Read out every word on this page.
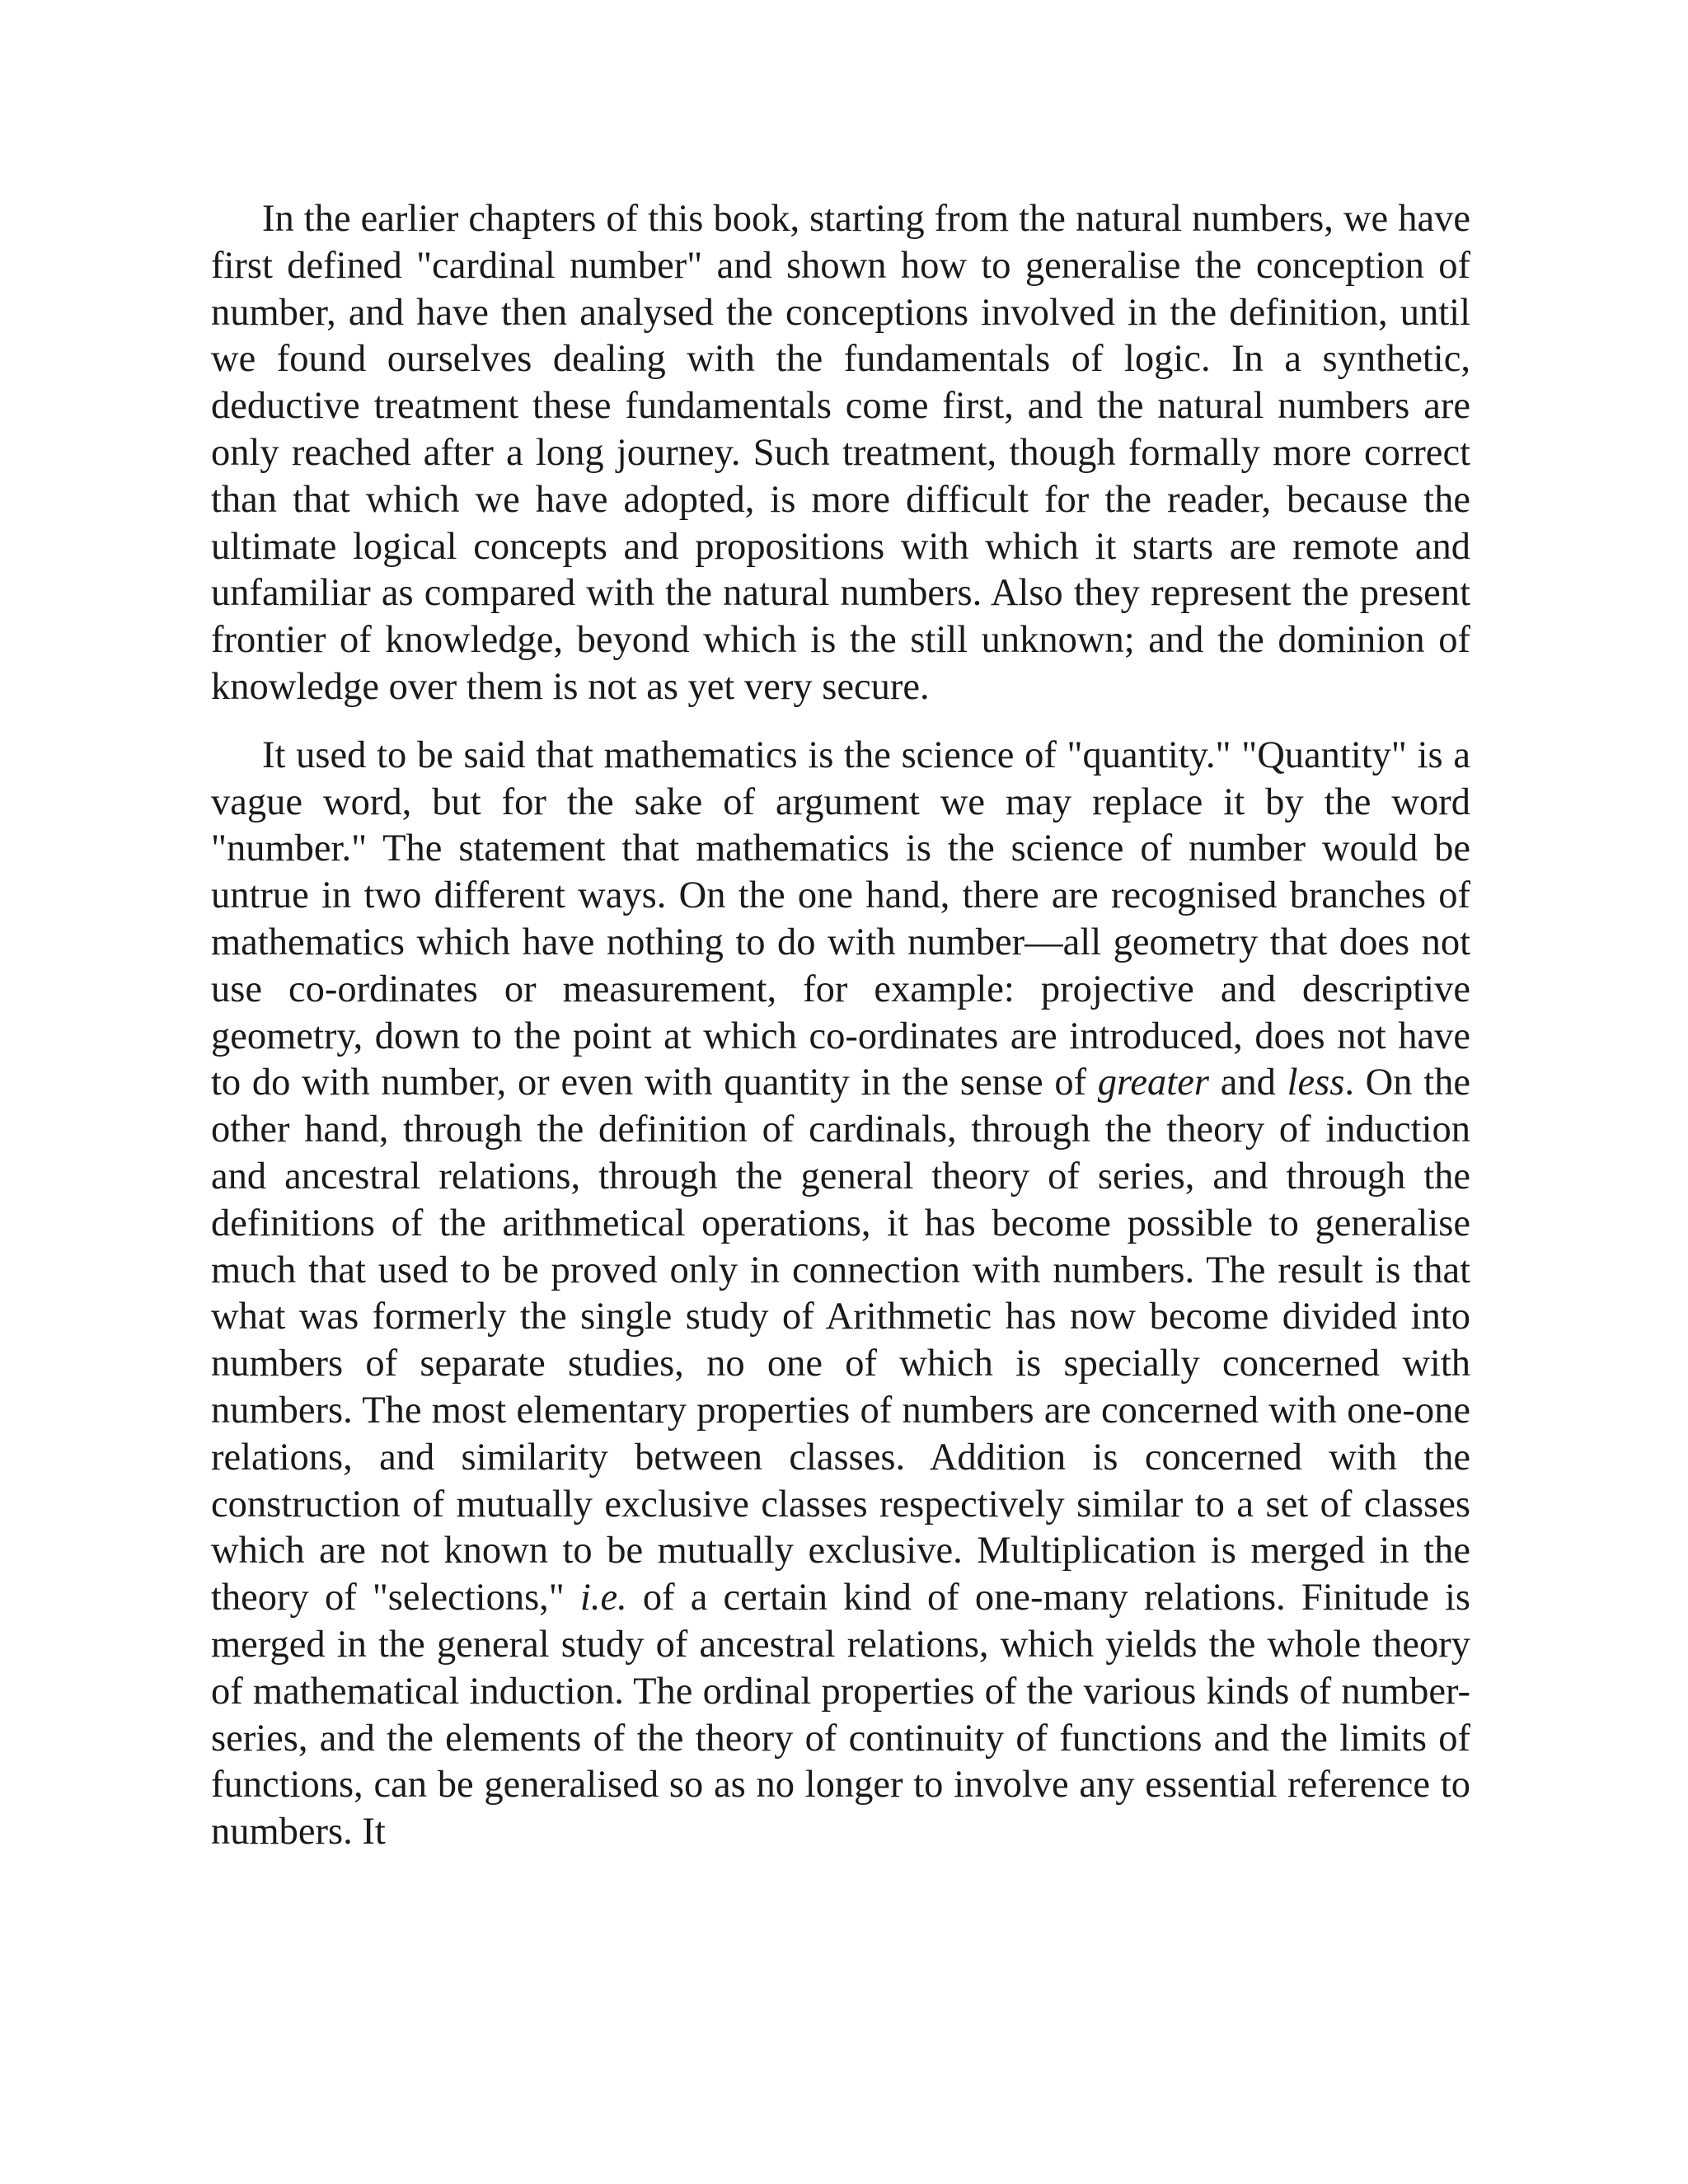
In the earlier chapters of this book, starting from the natural numbers, we have first defined "cardinal number" and shown how to generalise the conception of number, and have then analysed the conceptions involved in the definition, until we found ourselves dealing with the fundamentals of logic. In a synthetic, deductive treatment these fundamentals come first, and the natural numbers are only reached after a long journey. Such treatment, though formally more correct than that which we have adopted, is more difficult for the reader, because the ultimate logical concepts and propositions with which it starts are remote and unfamiliar as compared with the natural numbers. Also they represent the present frontier of knowledge, beyond which is the still unknown; and the dominion of knowledge over them is not as yet very secure.

It used to be said that mathematics is the science of "quantity." "Quantity" is a vague word, but for the sake of argument we may replace it by the word "number." The statement that mathematics is the science of number would be untrue in two different ways. On the one hand, there are recognised branches of mathematics which have nothing to do with number—all geometry that does not use co-ordinates or measurement, for example: projective and descriptive geometry, down to the point at which co-ordinates are introduced, does not have to do with number, or even with quantity in the sense of greater and less. On the other hand, through the definition of cardinals, through the theory of induction and ancestral relations, through the general theory of series, and through the definitions of the arithmetical operations, it has become possible to generalise much that used to be proved only in connection with numbers. The result is that what was formerly the single study of Arithmetic has now become divided into numbers of separate studies, no one of which is specially concerned with numbers. The most elementary properties of numbers are concerned with one-one relations, and similarity between classes. Addition is concerned with the construction of mutually exclusive classes respectively similar to a set of classes which are not known to be mutually exclusive. Multiplication is merged in the theory of "selections," i.e. of a certain kind of one-many relations. Finitude is merged in the general study of ancestral relations, which yields the whole theory of mathematical induction. The ordinal properties of the various kinds of number-series, and the elements of the theory of continuity of functions and the limits of functions, can be generalised so as no longer to involve any essential reference to numbers. It
